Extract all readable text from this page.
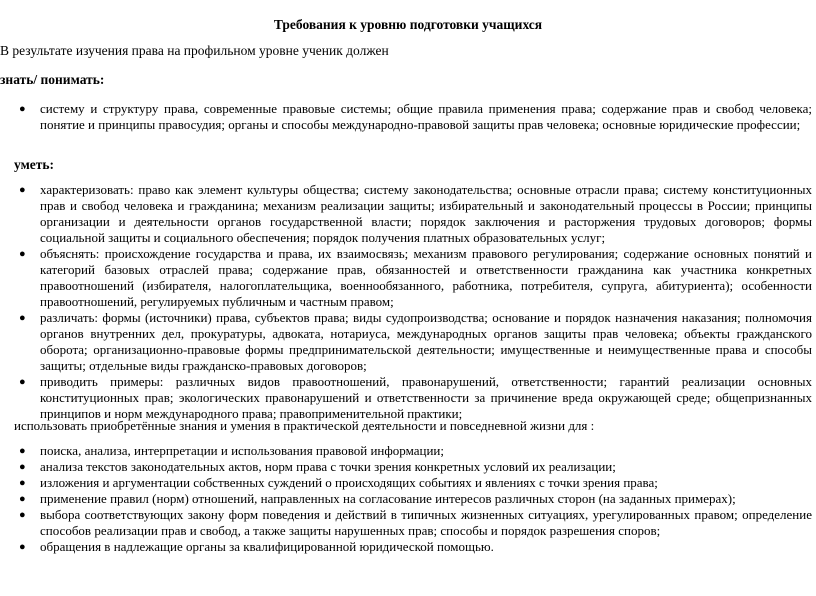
Требования к уровню подготовки учащихся
В результате изучения права на профильном уровне ученик должен
знать/ понимать:
● систему и структуру права, современные правовые системы; общие правила применения права; содержание прав и свобод человека; понятие и принципы правосудия; органы и способы международно-правовой защиты прав человека; основные юридические профессии;
уметь:
● характеризовать: право как элемент культуры общества; систему законодательства; основные отрасли права; систему конституционных прав и свобод человека и гражданина; механизм реализации защиты; избирательный и законодательный процессы в России; принципы организации и деятельности органов государственной власти; порядок заключения и расторжения трудовых договоров; формы социальной защиты и социального обеспечения; порядок получения платных образовательных услуг;
● объяснять: происхождение государства и права, их взаимосвязь; механизм правового регулирования; содержание основных понятий и категорий базовых отраслей права; содержание прав, обязанностей и ответственности гражданина как участника конкретных правоотношений (избирателя, налогоплательщика, военнообязанного, работника, потребителя, супруга, абитуриента); особенности правоотношений, регулируемых публичным и частным правом;
● различать: формы (источники) права, субъектов права; виды судопроизводства; основание и порядок назначения наказания; полномочия органов внутренних дел, прокуратуры, адвоката, нотариуса, международных органов защиты прав человека; объекты гражданского оборота; организационно-правовые формы предпринимательской деятельности; имущественные и неимущественные права и способы защиты; отдельные виды гражданско-правовых договоров;
● приводить примеры: различных видов правоотношений, правонарушений, ответственности; гарантий реализации основных конституционных прав; экологических правонарушений и ответственности за причинение вреда окружающей среде; общепризнанных принципов и норм международного права; правоприменительной практики;
использовать приобретённые знания и умения в практической деятельности и повседневной жизни для :
● поиска, анализа, интерпретации и использования правовой информации;
● анализа текстов законодательных актов, норм права с точки зрения конкретных условий их реализации;
● изложения и аргументации собственных суждений о происходящих событиях и явлениях с точки зрения права;
● применение правил (норм) отношений, направленных на согласование интересов различных сторон (на заданных примерах);
● выбора соответствующих закону форм поведения и действий в типичных жизненных ситуациях, урегулированных правом; определение способов реализации прав и свобод, а также защиты нарушенных прав; способы и порядок разрешения споров;
● обращения в надлежащие органы за квалифицированной юридической помощью.
